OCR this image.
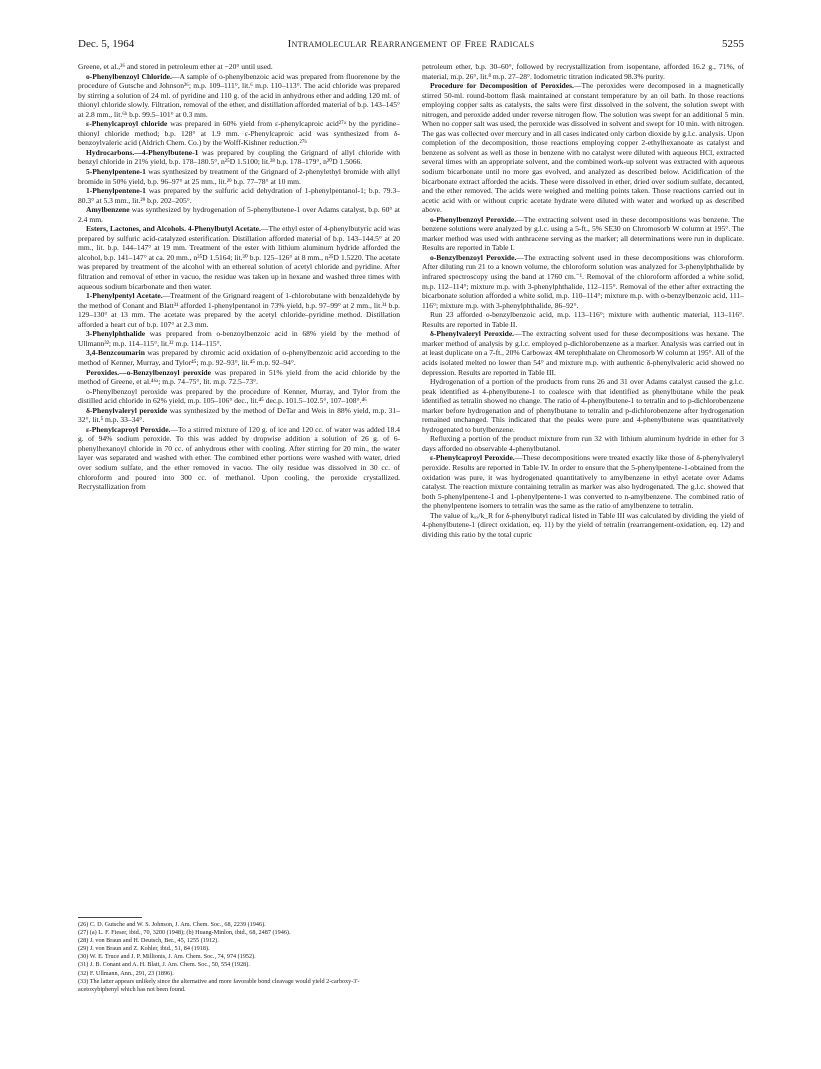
Dec. 5, 1964	Intramolecular Rearrangement of Free Radicals	5255

Greene, et al.,²⁶ and stored in petroleum ether at −20° until used.

o-Phenylbenzoyl Chloride.—A sample of o-phenylbenzoic acid was prepared from fluorenone by the procedure of Gutsche and Johnson²⁶; m.p. 109–111°, lit.⁶ m.p. 110–113°. The acid chloride was prepared by stirring a solution of 24 ml. of pyridine and 110 g. of the acid in anhydrous ether and adding 120 ml. of thionyl chloride slowly. Filtration, removal of the ether, and distillation afforded material of b.p. 143–145° at 2.8 mm., lit.⁶ᵇ b.p. 99.5–101° at 0.3 mm.

ε-Phenylcaproyl chloride was prepared in 60% yield from ε-phenylcaproic acid²⁷ᵃ by the pyridine–thionyl chloride method; b.p. 128° at 1.9 mm. ε-Phenylcaproic acid was synthesized from δ-benzoylvaleric acid (Aldrich Chem. Co.) by the Wolff-Kishner reduction.²⁷ᵇ

Hydrocarbons.—4-Phenylbutene-1 was prepared by coupling the Grignard of allyl chloride with benzyl chloride in 21% yield, b.p. 178–180.5°, n²⁵D 1.5100; lit.²⁸ b.p. 178–179°, n²⁰D 1.5066.

5-Phenylpentene-1 was synthesized by treatment of the Grignard of 2-phenylethyl bromide with allyl bromide in 50% yield, b.p. 96–97° at 25 mm., lit.²⁹ b.p. 77–78° at 10 mm.

1-Phenylpentene-1 was prepared by the sulfuric acid dehydration of 1-phenylpentanol-1; b.p. 79.3–80.3° at 5.3 mm., lit.²⁹ b.p. 202–205°.

Amylbenzene was synthesized by hydrogenation of 5-phenylbutene-1 over Adams catalyst, b.p. 60° at 2.4 mm.

Esters, Lactones, and Alcohols. 4-Phenylbutyl Acetate.—The ethyl ester of 4-phenylbutyric acid was prepared by sulfuric acid-catalyzed esterification. Distillation afforded material of b.p. 143–144.5° at 20 mm., lit. b.p. 144–147° at 19 mm. Treatment of the ester with lithium aluminum hydride afforded the alcohol, b.p. 141–147° at ca. 20 mm., n²⁵D 1.5164; lit.³⁰ b.p. 125–126° at 8 mm., n²⁵D 1.5220. The acetate was prepared by treatment of the alcohol with an ethereal solution of acetyl chloride and pyridine. After filtration and removal of ether in vacuo, the residue was taken up in hexane and washed three times with aqueous sodium bicarbonate and then water.

1-Phenylpentyl Acetate.—Treatment of the Grignard reagent of 1-chlorobutane with benzaldehyde by the method of Conant and Blatt³¹ afforded 1-phenylpentanol in 73% yield, b.p. 97–99° at 2 mm., lit.³¹ b.p. 129–130° at 13 mm. The acetate was prepared by the acetyl chloride–pyridine method. Distillation afforded a heart cut of b.p. 107° at 2.3 mm.

3-Phenylphthalide was prepared from o-benzoylbenzoic acid in 68% yield by the method of Ullmann³²; m.p. 114–115°, lit.³² m.p. 114–115°.

3,4-Benzcoumarin was prepared by chromic acid oxidation of o-phenylbenzoic acid according to the method of Kenner, Murray, and Tylor⁴⁵; m.p. 92–93°, lit.⁴⁵ m.p. 92–94°.

Peroxides.—o-Benzylbenzoyl peroxide was prepared in 51% yield from the acid chloride by the method of Greene, et al.⁴⁶ᵃ; m.p. 74–75°, lit. m.p. 72.5–73°.

o-Phenylbenzoyl peroxide was prepared by the procedure of Kenner, Murray, and Tylor from the distilled acid chloride in 62% yield, m.p. 105–106° dec., lit.⁴⁵ dec.p. 101.5–102.5°, 107–108°.⁴⁶

δ-Phenylvaleryl peroxide was synthesized by the method of DeTar and Weis in 88% yield, m.p. 31–32°, lit.⁵ m.p. 33–34°.

ε-Phenylcaproyl Peroxide.—To a stirred mixture of 120 g. of ice and 120 cc. of water was added 18.4 g. of 94% sodium peroxide. To this was added by dropwise addition a solution of 26 g. of 6-phenylhexanoyl chloride in 70 cc. of anhydrous ether with cooling. After stirring for 20 min., the water layer was separated and washed with ether. The combined ether portions were washed with water, dried over sodium sulfate, and the ether removed in vacuo. The oily residue was dissolved in 30 cc. of chloroform and poured into 300 cc. of methanol. Upon cooling, the peroxide crystallized. Recrystallization from

petroleum ether, b.p. 30–60°, followed by recrystallization from isopentane, afforded 16.2 g., 71%, of material, m.p. 26°, lit.⁸ m.p. 27–28°. Iodometric titration indicated 98.3% purity.

Procedure for Decomposition of Peroxides.—The peroxides were decomposed in a magnetically stirred 50-ml. round-bottom flask maintained at constant temperature by an oil bath. In those reactions employing copper salts as catalysts, the salts were first dissolved in the solvent, the solution swept with nitrogen, and peroxide added under reverse nitrogen flow. The solution was swept for an additional 5 min. When no copper salt was used, the peroxide was dissolved in solvent and swept for 10 min. with nitrogen. The gas was collected over mercury and in all cases indicated only carbon dioxide by g.l.c. analysis. Upon completion of the decomposition, those reactions employing copper 2-ethylhexanoate as catalyst and benzene as solvent as well as those in benzene with no catalyst were diluted with aqueous HCl, extracted several times with an appropriate solvent, and the combined work-up solvent was extracted with aqueous sodium bicarbonate until no more gas evolved, and analyzed as described below. Acidification of the bicarbonate extract afforded the acids. These were dissolved in ether, dried over sodium sulfate, decanted, and the ether removed. The acids were weighed and melting points taken. Those reactions carried out in acetic acid with or without cupric acetate hydrate were diluted with water and worked up as described above.

o-Phenylbenzoyl Peroxide.—The extracting solvent used in these decompositions was benzene. The benzene solutions were analyzed by g.l.c. using a 5-ft., 5% SE30 on Chromosorb W column at 195°. The marker method was used with anthracene serving as the marker; all determinations were run in duplicate. Results are reported in Table I.

o-Benzylbenzoyl Peroxide.—The extracting solvent used in these decompositions was chloroform. After diluting run 21 to a known volume, the chloroform solution was analyzed for 3-phenylphthalide by infrared spectroscopy using the band at 1760 cm.⁻¹. Removal of the chloroform afforded a white solid, m.p. 112–114°; mixture m.p. with 3-phenylphthalide, 112–115°. Removal of the ether after extracting the bicarbonate solution afforded a white solid, m.p. 110–114°; mixture m.p. with o-benzylbenzoic acid, 111–116°; mixture m.p. with 3-phenylphthalide, 86–92°.

Run 23 afforded o-benzylbenzoic acid, m.p. 113–116°; mixture with authentic material, 113–116°. Results are reported in Table II.

δ-Phenylvaleryl Peroxide.—The extracting solvent used for these decompositions was hexane. The marker method of analysis by g.l.c. employed p-dichlorobenzene as a marker. Analysis was carried out in at least duplicate on a 7-ft., 20% Carbowax 4M terephthalate on Chromosorb W column at 195°. All of the acids isolated melted no lower than 54° and mixture m.p. with authentic δ-phenylvaleric acid showed no depression. Results are reported in Table III.

Hydrogenation of a portion of the products from runs 26 and 31 over Adams catalyst caused the g.l.c. peak identified as 4-phenylbutene-1 to coalesce with that identified as phenylbutane while the peak identified as tetralin showed no change. The ratio of 4-phenylbutene-1 to tetralin and to p-dichlorobenzene marker before hydrogenation and of phenylbutane to tetralin and p-dichlorobenzene after hydrogenation remained unchanged. This indicated that the peaks were pure and 4-phenylbutene was quantitatively hydrogenated to butylbenzene.

Refluxing a portion of the product mixture from run 32 with lithium aluminum hydride in ether for 3 days afforded no observable 4-phenylbutanol.

ε-Phenylcaproyl Peroxide.—These decompositions were treated exactly like those of δ-phenylvaleryl peroxide. Results are reported in Table IV. In order to ensure that the 5-phenylpentene-1-obtained from the oxidation was pure, it was hydrogenated quantitatively to amylbenzene in ethyl acetate over Adams catalyst. The reaction mixture containing tetralin as marker was also hydrogenated. The g.l.c. showed that both 5-phenylpentene-1 and 1-phenylpentene-1 was converted to n-amylbenzene. The combined ratio of the phenylpentene isomers to tetralin was the same as the ratio of amylbenzene to tetralin.

The value of kₒₓ/k_R for δ-phenylbutyl radical listed in Table III was calculated by dividing the yield of 4-phenylbutene-1 (direct oxidation, eq. 11) by the yield of tetralin (rearrangement-oxidation, eq. 12) and dividing this ratio by the total cupric

(26) C. D. Gutsche and W. S. Johnson, J. Am. Chem. Soc., 68, 2239 (1946).
(27) (a) L. F. Fieser, ibid., 70, 3200 (1948); (b) Huang-Minlon, ibid., 68, 2487 (1946).
(28) J. von Braun and H. Deutsch, Ber., 45, 1255 (1912).
(29) J. von Braun and Z. Kohler, ibid., 51, 84 (1918).
(30) W. E. Truce and J. P. Millionis, J. Am. Chem. Soc., 74, 974 (1952).
(31) J. B. Conant and A. H. Blatt, J. Am. Chem. Soc., 50, 554 (1928).
(32) F. Ullmann, Ann., 291, 23 (1896).
(33) The latter appears unlikely since the alternative and more favorable bond cleavage would yield 2-carboxy-3'-acetoxybiphenyl which has not been found.
